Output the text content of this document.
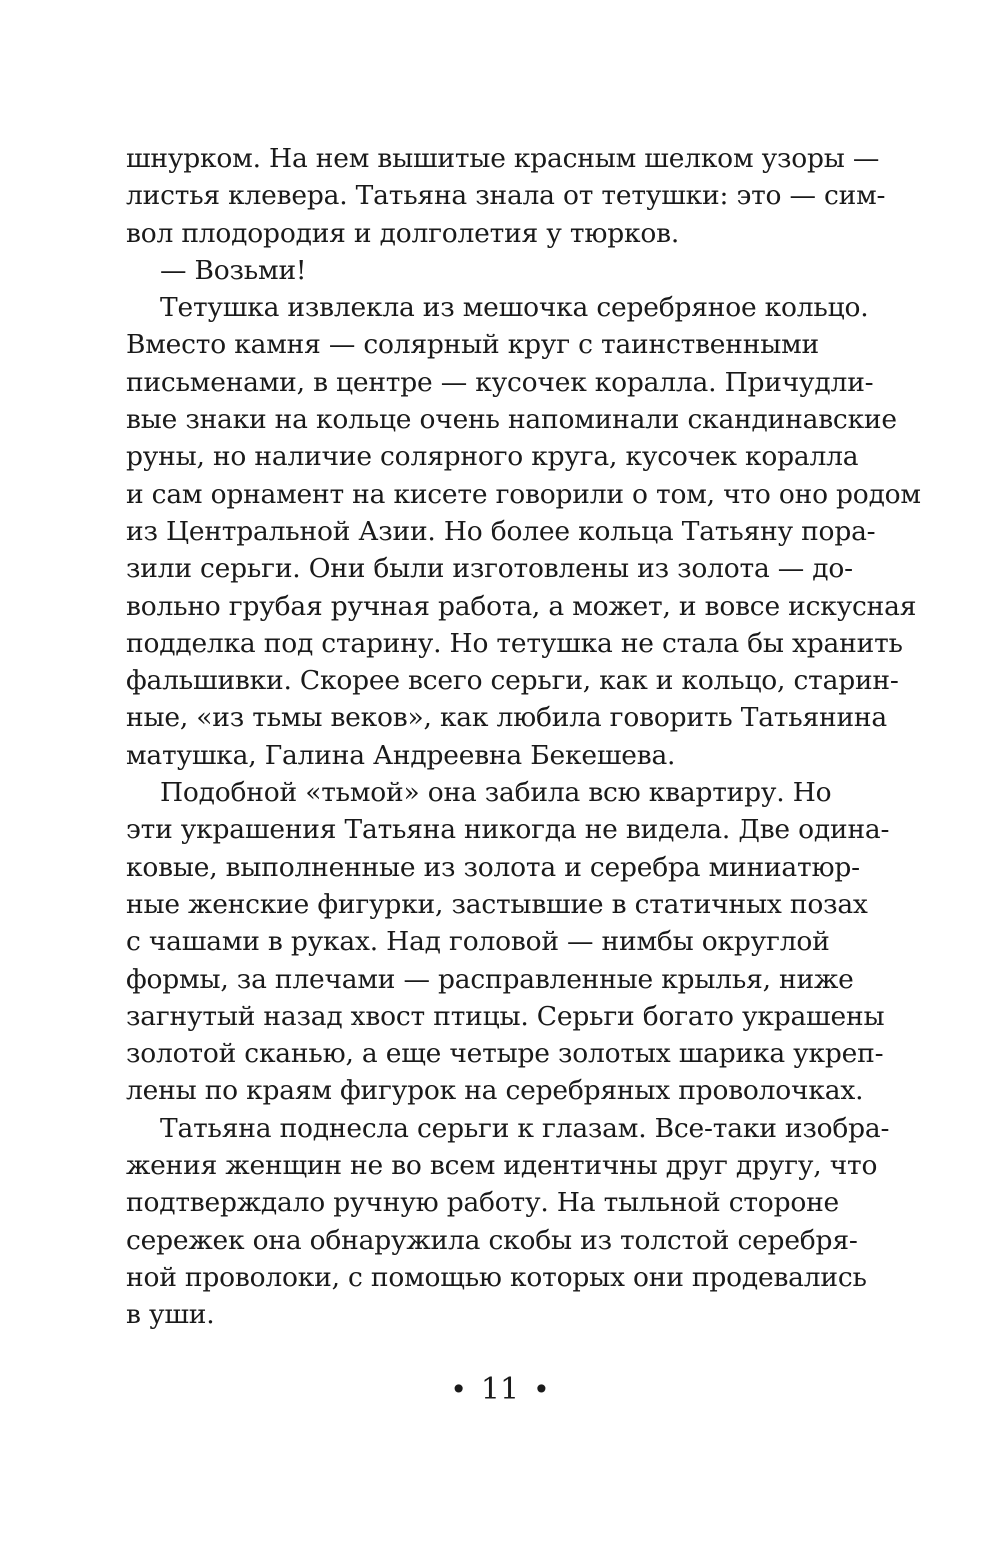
шнурком. На нем вышитые красным шелком узоры —
листья клевера. Татьяна знала от тетушки: это — сим-
вол плодородия и долголетия у тюрков.
— Возьми!
Тетушка извлекла из мешочка серебряное кольцо.
Вместо камня — солярный круг с таинственными
письменами, в центре — кусочек коралла. Причудли-
вые знаки на кольце очень напоминали скандинавские
руны, но наличие солярного круга, кусочек коралла
и сам орнамент на кисете говорили о том, что оно родом
из Центральной Азии. Но более кольца Татьяну пора-
зили серьги. Они были изготовлены из золота — до-
вольно грубая ручная работа, а может, и вовсе искусная
подделка под старину. Но тетушка не стала бы хранить
фальшивки. Скорее всего серьги, как и кольцо, старин-
ные, «из тьмы веков», как любила говорить Татьянина
матушка, Галина Андреевна Бекешева.
Подобной «тьмой» она забила всю квартиру. Но
эти украшения Татьяна никогда не видела. Две одина-
ковые, выполненные из золота и серебра миниатюр-
ные женские фигурки, застывшие в статичных позах
с чашами в руках. Над головой — нимбы округлой
формы, за плечами — расправленные крылья, ниже
загнутый назад хвост птицы. Серьги богато украшены
золотой сканью, а еще четыре золотых шарика укреп-
лены по краям фигурок на серебряных проволочках.
Татьяна поднесла серьги к глазам. Все-таки изобра-
жения женщин не во всем идентичны друг другу, что
подтверждало ручную работу. На тыльной стороне
сережек она обнаружила скобы из толстой серебря-
ной проволоки, с помощью которых они продевались
в уши.
• 11 •
